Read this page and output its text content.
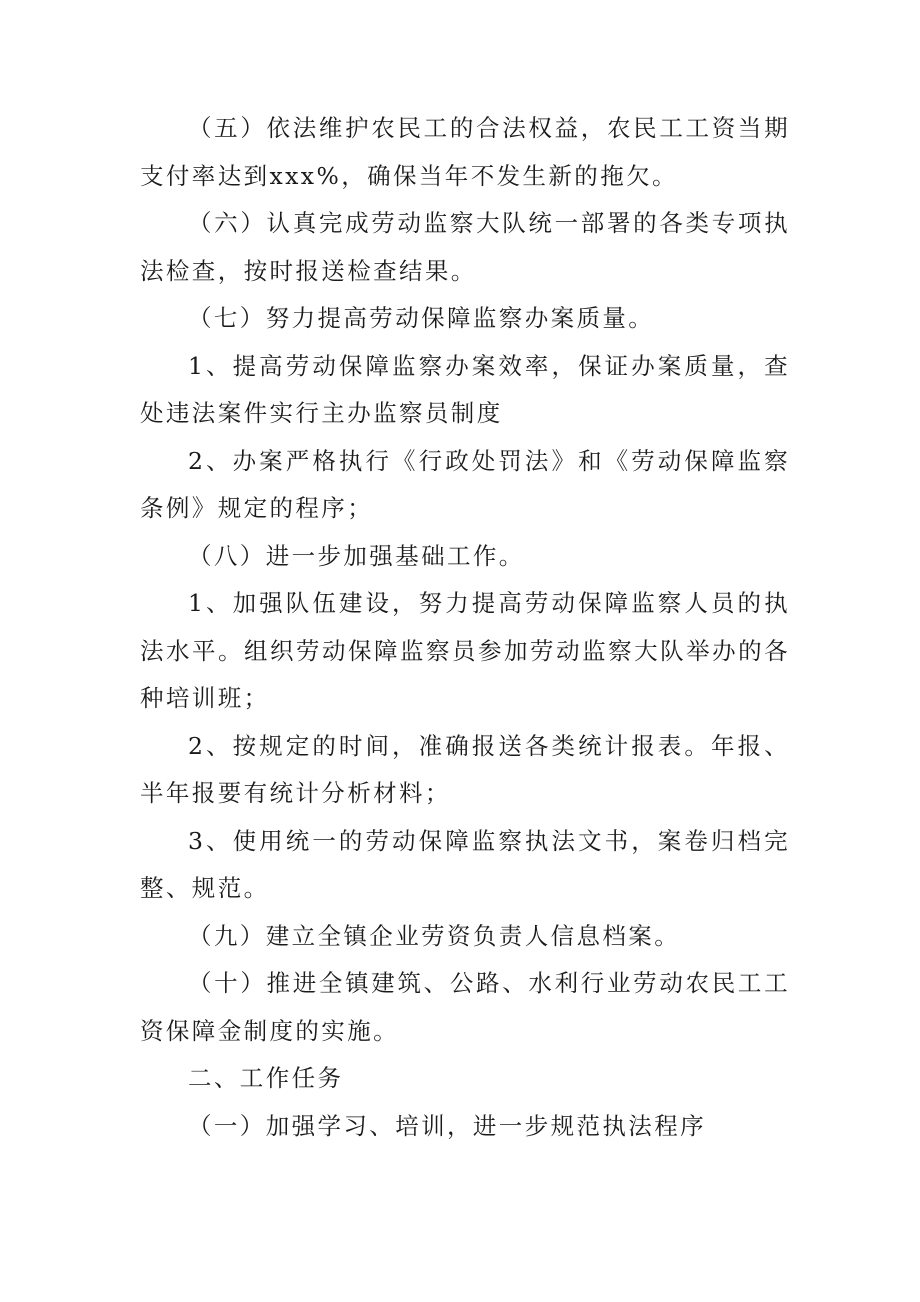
（五）依法维护农民工的合法权益，农民工工资当期支付率达到xxx%，确保当年不发生新的拖欠。

（六）认真完成劳动监察大队统一部署的各类专项执法检查，按时报送检查结果。

（七）努力提高劳动保障监察办案质量。

1、提高劳动保障监察办案效率，保证办案质量，查处违法案件实行主办监察员制度

2、办案严格执行《行政处罚法》和《劳动保障监察条例》规定的程序；

（八）进一步加强基础工作。

1、加强队伍建设，努力提高劳动保障监察人员的执法水平。组织劳动保障监察员参加劳动监察大队举办的各种培训班；

2、按规定的时间，准确报送各类统计报表。年报、半年报要有统计分析材料；

3、使用统一的劳动保障监察执法文书，案卷归档完整、规范。

（九）建立全镇企业劳资负责人信息档案。

（十）推进全镇建筑、公路、水利行业劳动农民工工资保障金制度的实施。

二、工作任务

（一）加强学习、培训，进一步规范执法程序
